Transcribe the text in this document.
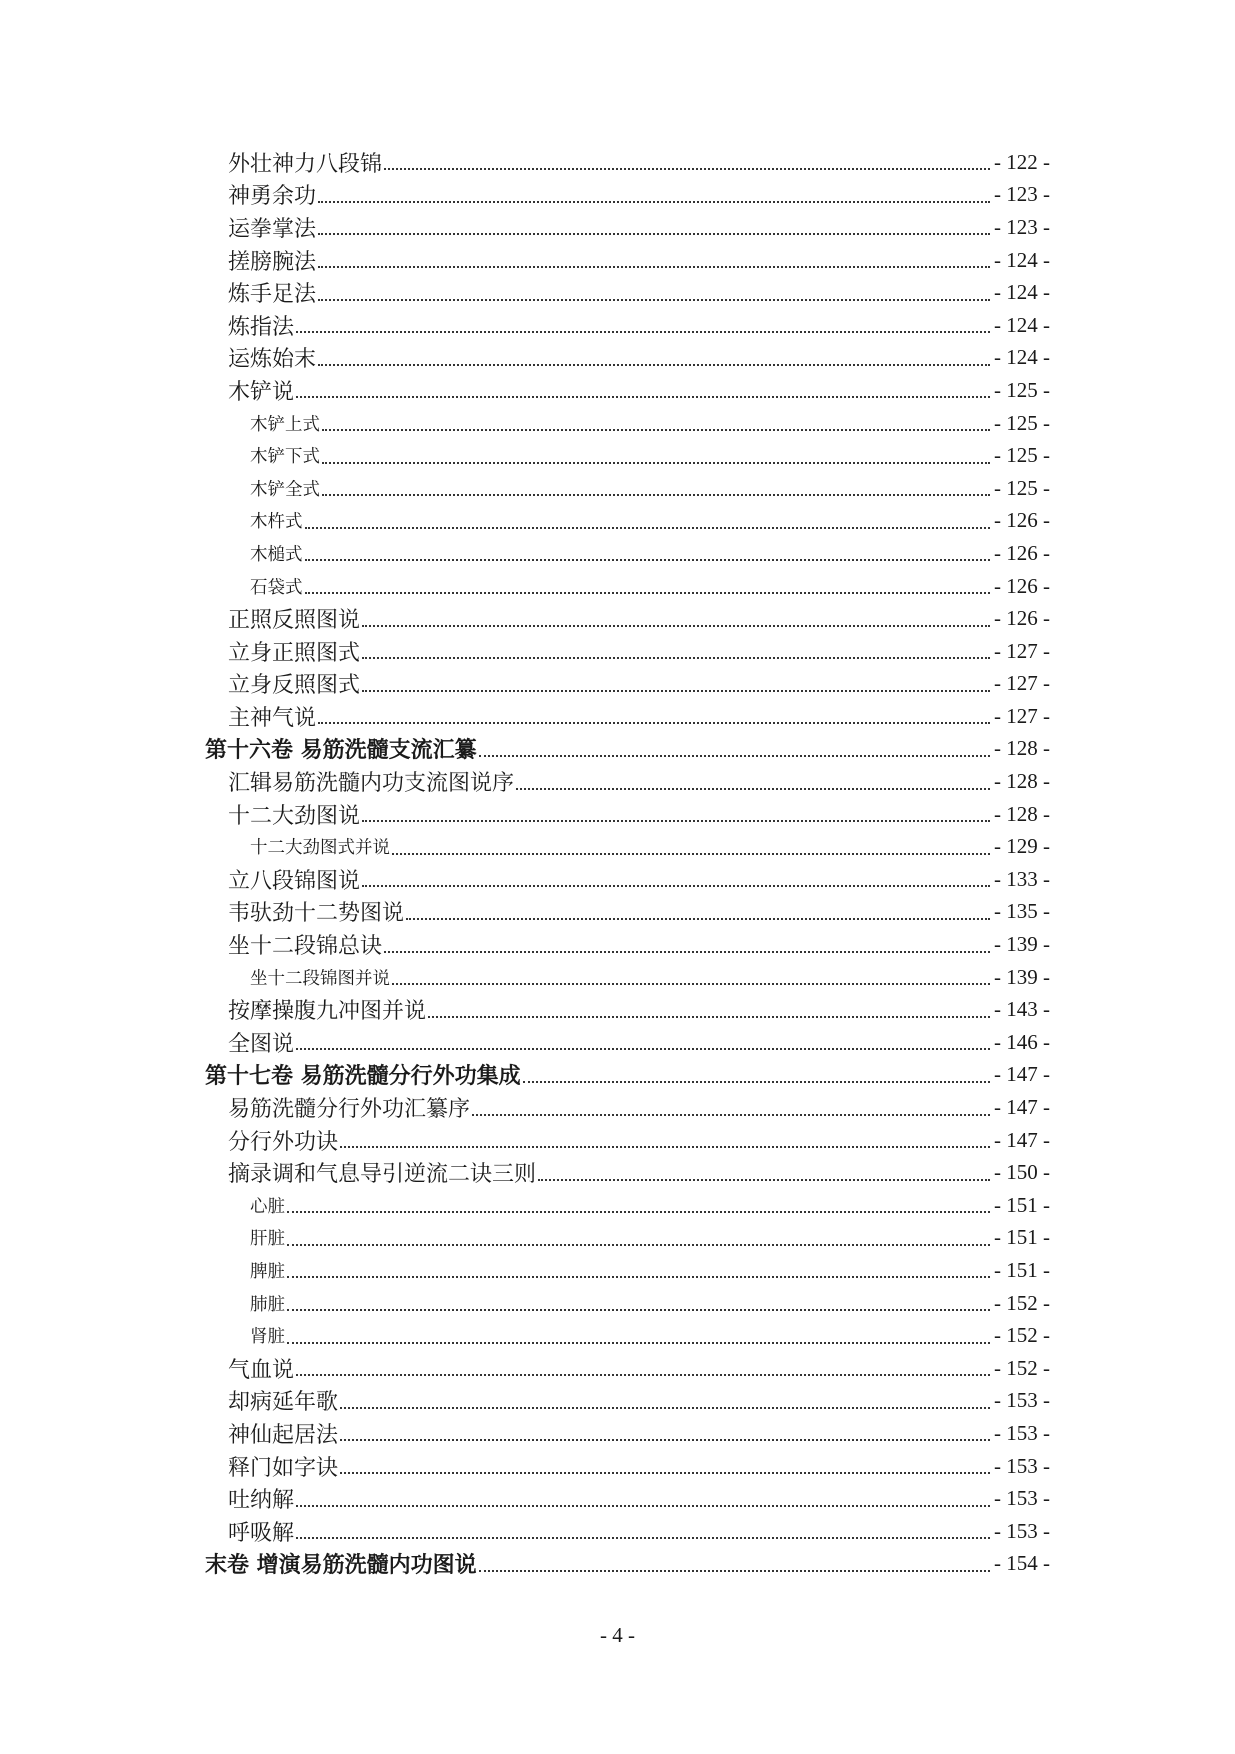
外壮神力八段锦	- 122 -
神勇余功	- 123 -
运拳掌法	- 123 -
搓膀腕法	- 124 -
炼手足法	- 124 -
炼指法	- 124 -
运炼始末	- 124 -
木铲说	- 125 -
木铲上式	- 125 -
木铲下式	- 125 -
木铲全式	- 125 -
木杵式	- 126 -
木槌式	- 126 -
石袋式	- 126 -
正照反照图说	- 126 -
立身正照图式	- 127 -
立身反照图式	- 127 -
主神气说	- 127 -
第十六卷 易筋洗髓支流汇纂	- 128 -
汇辑易筋洗髓内功支流图说序	- 128 -
十二大劲图说	- 128 -
十二大劲图式并说	- 129 -
立八段锦图说	- 133 -
韦驮劲十二势图说	- 135 -
坐十二段锦总诀	- 139 -
坐十二段锦图并说	- 139 -
按摩操腹九冲图并说	- 143 -
全图说	- 146 -
第十七卷 易筋洗髓分行外功集成	- 147 -
易筋洗髓分行外功汇纂序	- 147 -
分行外功诀	- 147 -
摘录调和气息导引逆流二诀三则	- 150 -
心脏	- 151 -
肝脏	- 151 -
脾脏	- 151 -
肺脏	- 152 -
肾脏	- 152 -
气血说	- 152 -
却病延年歌	- 153 -
神仙起居法	- 153 -
释门如字诀	- 153 -
吐纳解	- 153 -
呼吸解	- 153 -
末卷 增演易筋洗髓内功图说	- 154 -
- 4 -
